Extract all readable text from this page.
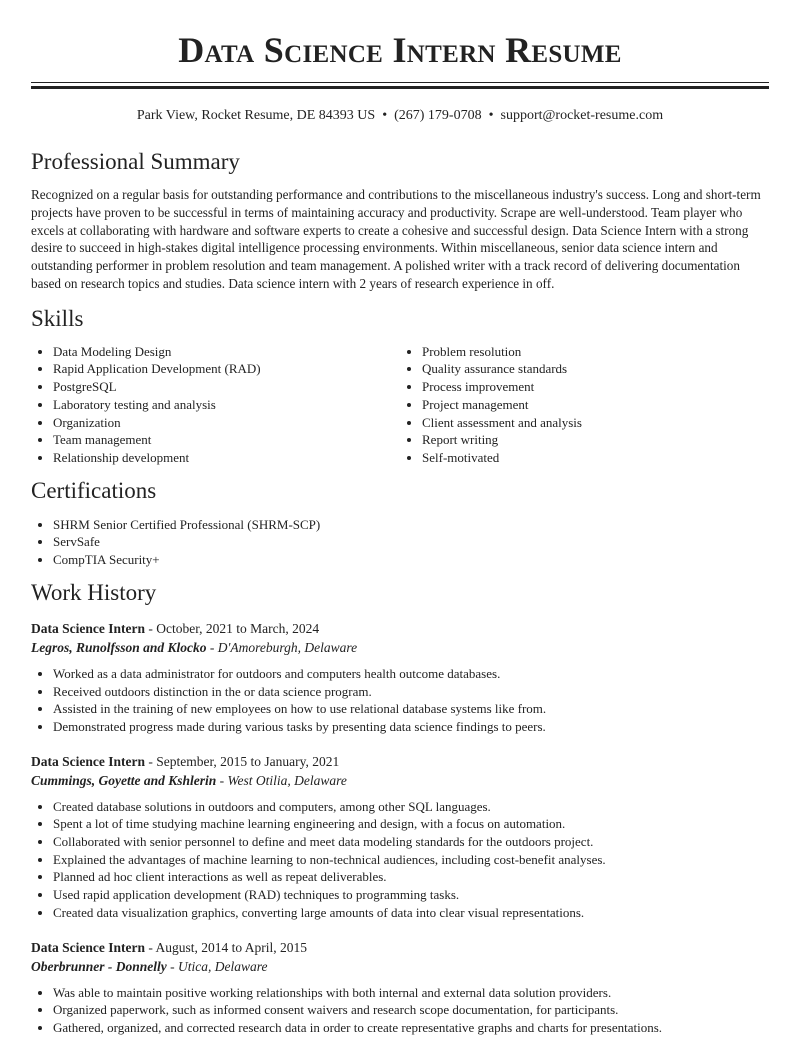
Data Science Intern Resume
Park View, Rocket Resume, DE 84393 US • (267) 179-0708 • support@rocket-resume.com
Professional Summary

Recognized on a regular basis for outstanding performance and contributions to the miscellaneous industry's success. Long and short-term projects have proven to be successful in terms of maintaining accuracy and productivity. Scrape are well-understood. Team player who excels at collaborating with hardware and software experts to create a cohesive and successful design. Data Science Intern with a strong desire to succeed in high-stakes digital intelligence processing environments. Within miscellaneous, senior data science intern and outstanding performer in problem resolution and team management. A polished writer with a track record of delivering documentation based on research topics and studies. Data science intern with 2 years of research experience in off.

Skills
• Data Modeling Design
• Rapid Application Development (RAD)
• PostgreSQL
• Laboratory testing and analysis
• Organization
• Team management
• Relationship development
• Problem resolution
• Quality assurance standards
• Process improvement
• Project management
• Client assessment and analysis
• Report writing
• Self-motivated
Certifications
• SHRM Senior Certified Professional (SHRM-SCP)
• ServSafe
• CompTIA Security+
Work History
Data Science Intern - October, 2021 to March, 2024
Legros, Runolfsson and Klocko - D'Amoreburgh, Delaware
• Worked as a data administrator for outdoors and computers health outcome databases.
• Received outdoors distinction in the or data science program.
• Assisted in the training of new employees on how to use relational database systems like from.
• Demonstrated progress made during various tasks by presenting data science findings to peers.
Data Science Intern - September, 2015 to January, 2021
Cummings, Goyette and Kshlerin - West Otilia, Delaware
• Created database solutions in outdoors and computers, among other SQL languages.
• Spent a lot of time studying machine learning engineering and design, with a focus on automation.
• Collaborated with senior personnel to define and meet data modeling standards for the outdoors project.
• Explained the advantages of machine learning to non-technical audiences, including cost-benefit analyses.
• Planned ad hoc client interactions as well as repeat deliverables.
• Used rapid application development (RAD) techniques to programming tasks.
• Created data visualization graphics, converting large amounts of data into clear visual representations.
Data Science Intern - August, 2014 to April, 2015
Oberbrunner - Donnelly - Utica, Delaware
• Was able to maintain positive working relationships with both internal and external data solution providers.
• Organized paperwork, such as informed consent waivers and research scope documentation, for participants.
• Gathered, organized, and corrected research data in order to create representative graphs and charts for presentations.
